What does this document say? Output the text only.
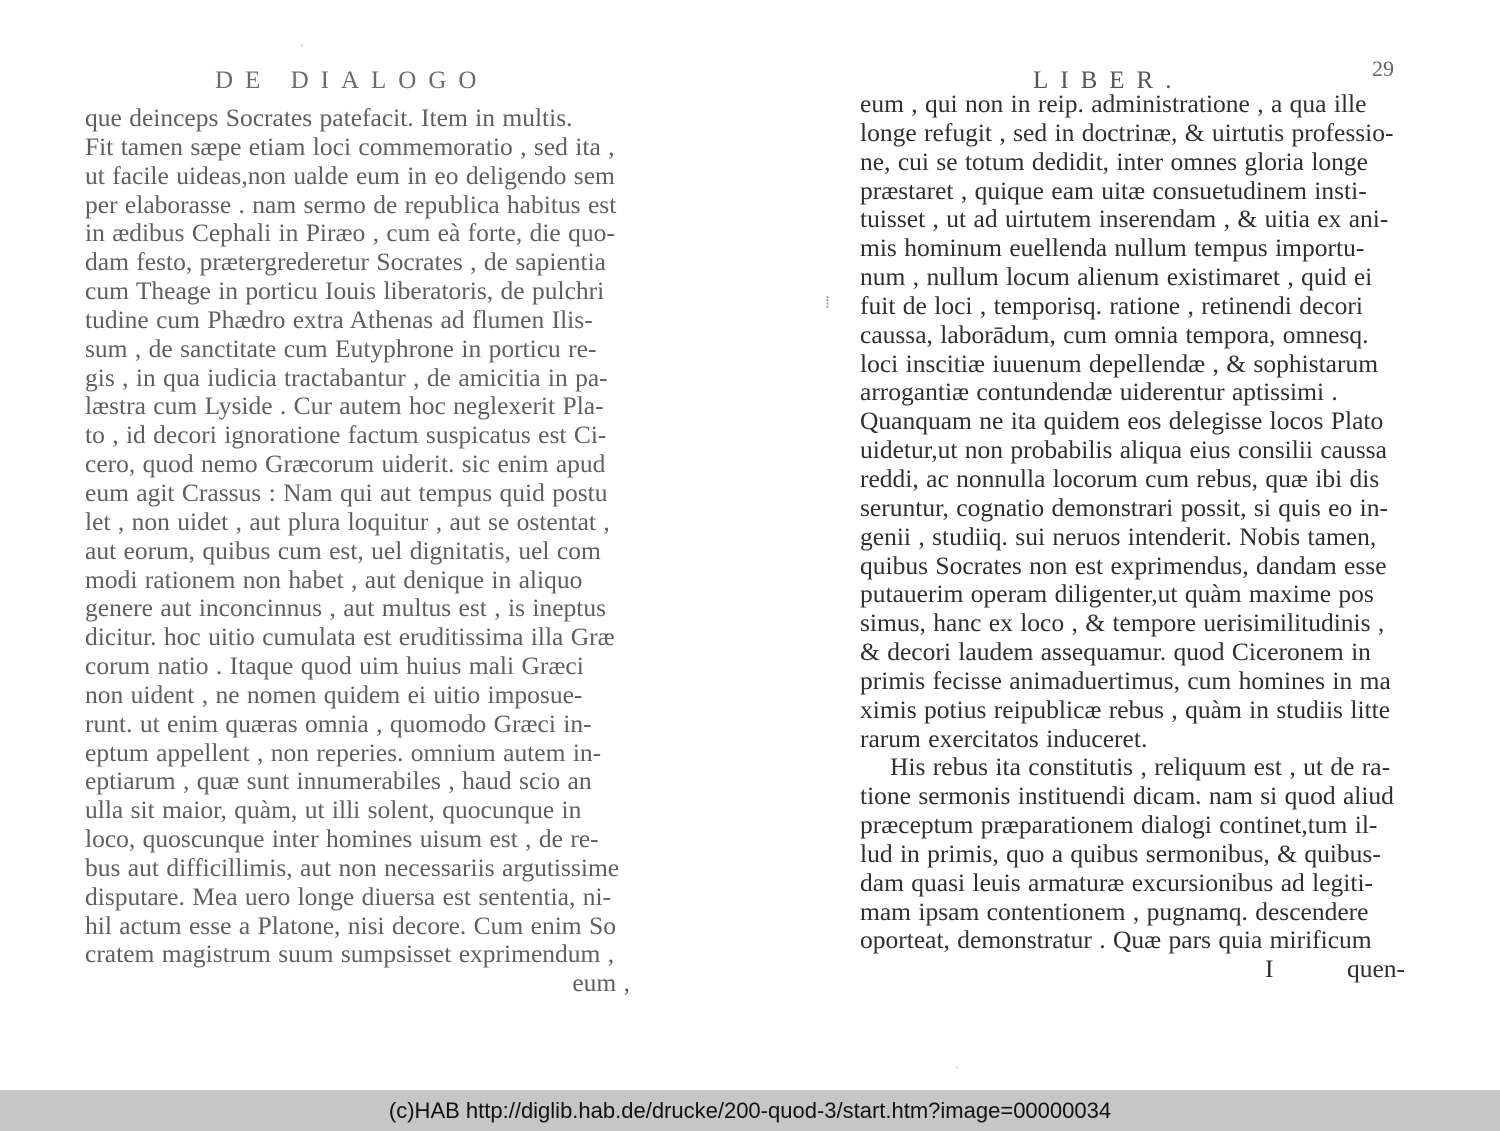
DE DIALOGO
que deinceps Socrates patefacit. Item in multis.
Fit tamen sæpe etiam loci commemoratio , sed ita ,
ut facile uideas,non ualde eum in eo deligendo sem
per elaborasse . nam sermo de republica habitus est
in ædibus Cephali in Piræo , cum eà forte, die quo-
dam festo, prætergrederetur Socrates , de sapientia
cum Theage in porticu Iouis liberatoris, de pulchri
tudine cum Phædro extra Athenas ad flumen Ilis-
sum , de sanctitate cum Eutyphrone in porticu re-
gis , in qua iudicia tractabantur , de amicitia in pa-
læstra cum Lyside . Cur autem hoc neglexerit Pla-
to , id decori ignoratione factum suspicatus est Ci-
cero, quod nemo Græcorum uiderit. sic enim apud
eum agit Crassus : Nam qui aut tempus quid postu
let , non uidet , aut plura loquitur , aut se ostentat ,
aut eorum, quibus cum est, uel dignitatis, uel com
modi rationem non habet , aut denique in aliquo
genere aut inconcinnus , aut multus est , is ineptus
dicitur. hoc uitio cumulata est eruditissima illa Græ
corum natio . Itaque quod uim huius mali Græci
non uident , ne nomen quidem ei uitio imposue-
runt. ut enim quæras omnia , quomodo Græci in-
eptum appellent , non reperies. omnium autem in-
eptiarum , quæ sunt innumerabiles , haud scio an
ulla sit maior, quàm, ut illi solent, quocunque in
loco, quoscunque inter homines uisum est , de re-
bus aut difficillimis, aut non necessariis argutissime
disputare. Mea uero longe diuersa est sententia, ni-
hil actum esse a Platone, nisi decore. Cum enim So
cratem magistrum suum sumpsisset exprimendum ,
eum ,
LIBER.	29
eum , qui non in reip. administratione , a qua ille
longe refugit , sed in doctrinæ, & uirtutis professio-
ne, cui se totum dedidit, inter omnes gloria longe
præstaret , quique eam uitæ consuetudinem insti-
tuisset , ut ad uirtutem inserendam , & uitia ex ani-
mis hominum euellenda nullum tempus importu-
num , nullum locum alienum existimaret , quid ei
fuit de loci , temporisq. ratione , retinendi decori
caussa, laborādum, cum omnia tempora, omnesq.
loci inscitiæ iuuenum depellendæ , & sophistarum
arrogantiæ contundendæ uiderentur aptissimi .
Quanquam ne ita quidem eos delegisse locos Plato
uidetur,ut non probabilis aliqua eius consilii caussa
reddi, ac nonnulla locorum cum rebus, quæ ibi dis
seruntur, cognatio demonstrari possit, si quis eo in-
genii , studiiq. sui neruos intenderit. Nobis tamen,
quibus Socrates non est exprimendus, dandam esse
putauerim operam diligenter,ut quàm maxime pos
simus, hanc ex loco , & tempore uerisimilitudinis ,
& decori laudem assequamur. quod Ciceronem in
primis fecisse animaduertimus, cum homines in ma
ximis potius reipublicæ rebus , quàm in studiis litte
rarum exercitatos induceret.
His rebus ita constitutis , reliquum est , ut de ra-
tione sermonis instituendi dicam. nam si quod aliud
præceptum præparationem dialogi continet,tum il-
lud in primis, quo a quibus sermonibus, & quibus-
dam quasi leuis armaturæ excursionibus ad legiti-
mam ipsam contentionem , pugnamq. descendere
oporteat, demonstratur . Quæ pars quia mirificum
I	quen-
·
⁞
·
(c)HAB http://diglib.hab.de/drucke/200-quod-3/start.htm?image=00000034
